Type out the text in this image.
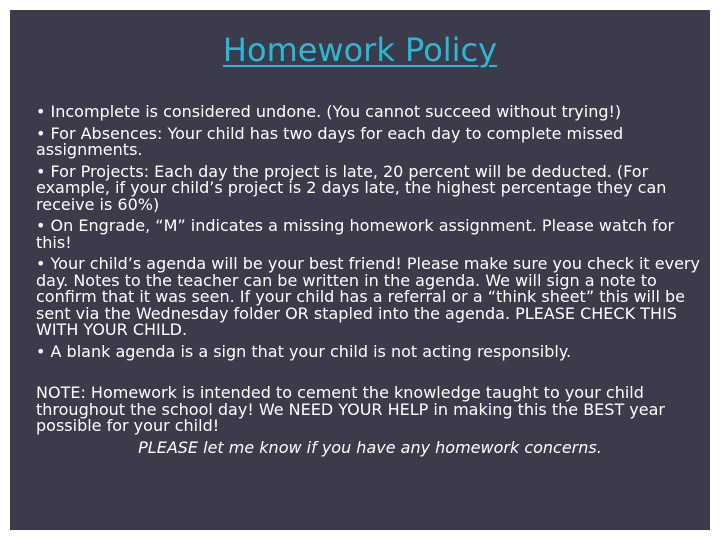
Homework Policy

• Incomplete is considered undone. (You cannot succeed without trying!)

• For Absences: Your child has two days for each day to complete missed assignments.

• For Projects: Each day the project is late, 20 percent will be deducted. (For example, if your child’s project is 2 days late, the highest percentage they can receive is 60%)

• On Engrade, “M” indicates a missing homework assignment. Please watch for this!

• Your child’s agenda will be your best friend! Please make sure you check it every day. Notes to the teacher can be written in the agenda. We will sign a note to confirm that it was seen. If your child has a referral or a “think sheet” this will be sent via the Wednesday folder OR stapled into the agenda. PLEASE CHECK THIS WITH YOUR CHILD.

• A blank agenda is a sign that your child is not acting responsibly.

NOTE: Homework is intended to cement the knowledge taught to your child throughout the school day! We NEED YOUR HELP in making this the BEST year possible for your child!

PLEASE let me know if you have any homework concerns.
